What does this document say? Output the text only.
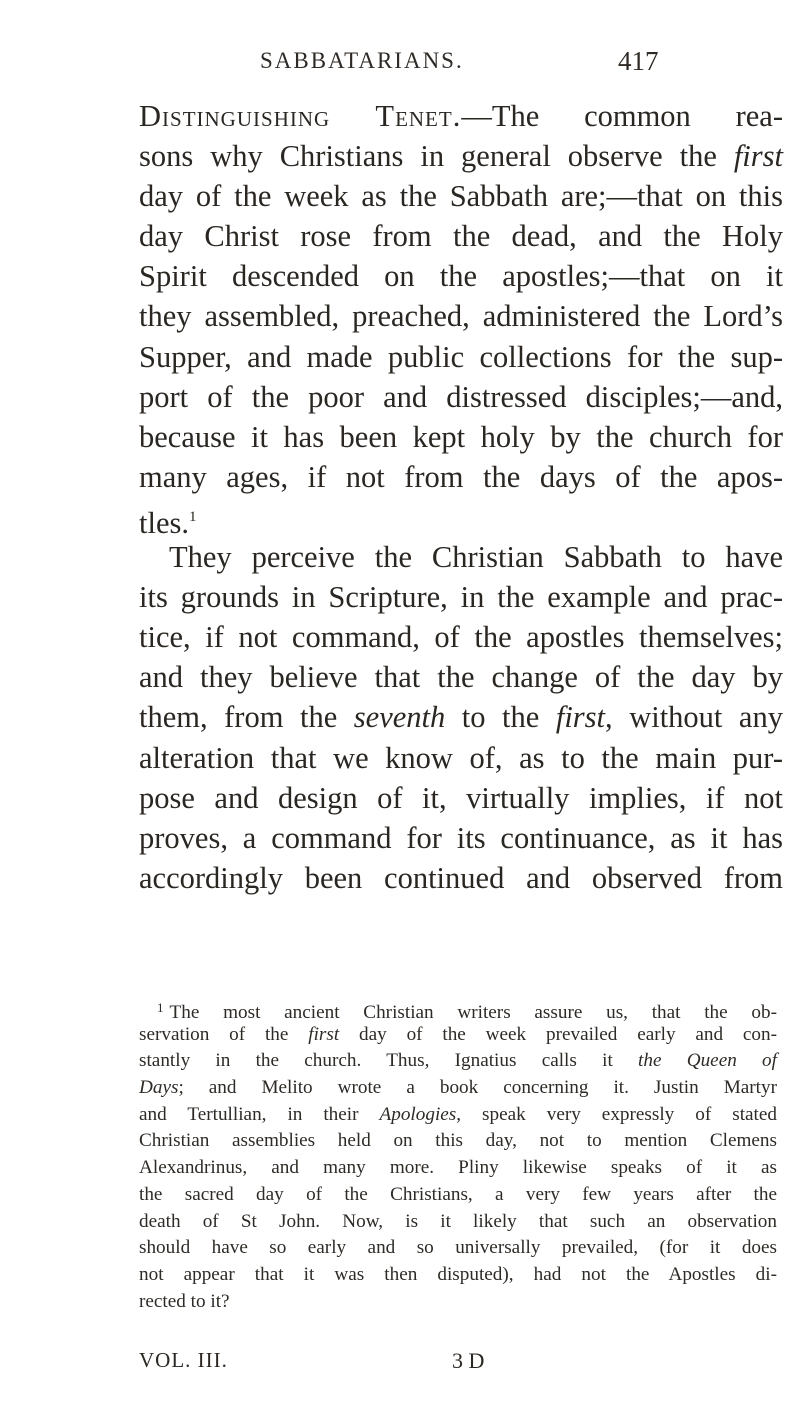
SABBATARIANS.	417
Distinguishing Tenet.—The common rea-
sons why Christians in general observe the first
day of the week as the Sabbath are;—that on this
day Christ rose from the dead, and the Holy
Spirit descended on the apostles;—that on it
they assembled, preached, administered the Lord’s
Supper, and made public collections for the sup-
port of the poor and distressed disciples;—and,
because it has been kept holy by the church for
many ages, if not from the days of the apos-
tles.$^1$
They perceive the Christian Sabbath to have
its grounds in Scripture, in the example and prac-
tice, if not command, of the apostles themselves;
and they believe that the change of the day by
them, from the seventh to the first, without any
alteration that we know of, as to the main pur-
pose and design of it, virtually implies, if not
proves, a command for its continuance, as it has
accordingly been continued and observed from
$^1$ The most ancient Christian writers assure us, that the ob-
servation of the first day of the week prevailed early and con-
stantly in the church. Thus, Ignatius calls it the Queen of
Days; and Melito wrote a book concerning it. Justin Martyr
and Tertullian, in their Apologies, speak very expressly of stated
Christian assemblies held on this day, not to mention Clemens
Alexandrinus, and many more. Pliny likewise speaks of it as
the sacred day of the Christians, a very few years after the
death of St John. Now, is it likely that such an observation
should have so early and so universally prevailed, (for it does
not appear that it was then disputed), had not the Apostles di-
rected to it?
VOL. III.	3 D
